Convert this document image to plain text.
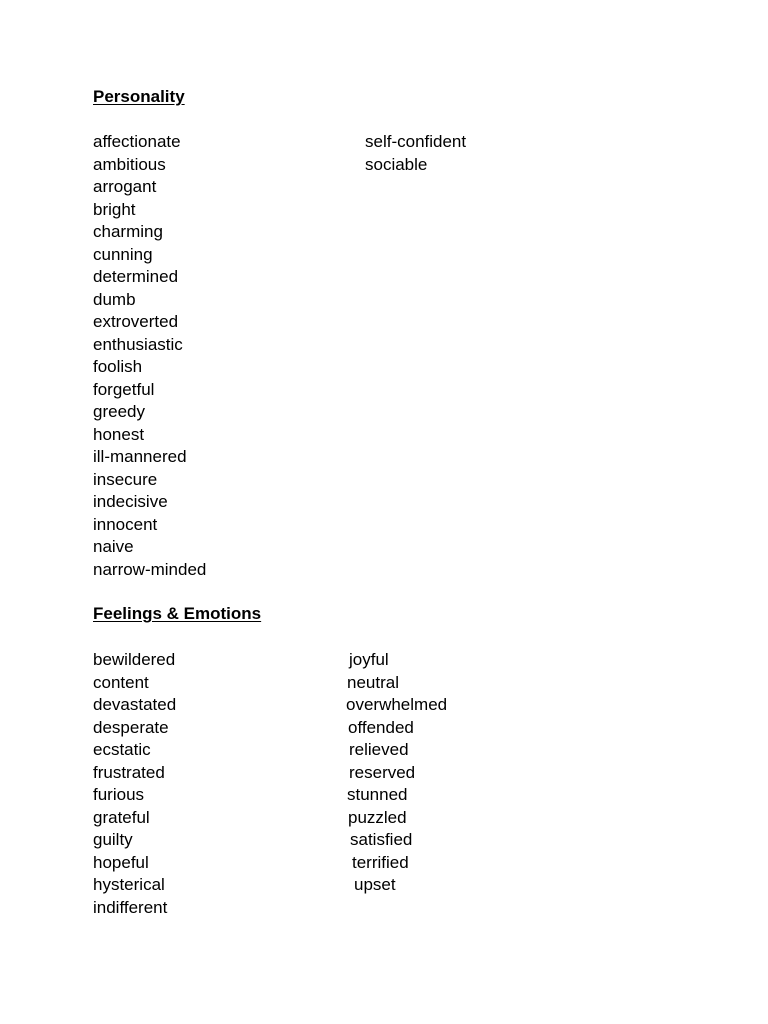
Personality
affectionate
ambitious
arrogant
bright
charming
cunning
determined
dumb
extroverted
enthusiastic
foolish
forgetful
greedy
honest
ill-mannered
insecure
indecisive
innocent
naive
narrow-minded
self-confident
sociable
Feelings & Emotions
bewildered
content
devastated
desperate
ecstatic
frustrated
furious
grateful
guilty
hopeful
hysterical
indifferent
joyful
neutral
overwhelmed
offended
relieved
reserved
stunned
puzzled
satisfied
terrified
upset
